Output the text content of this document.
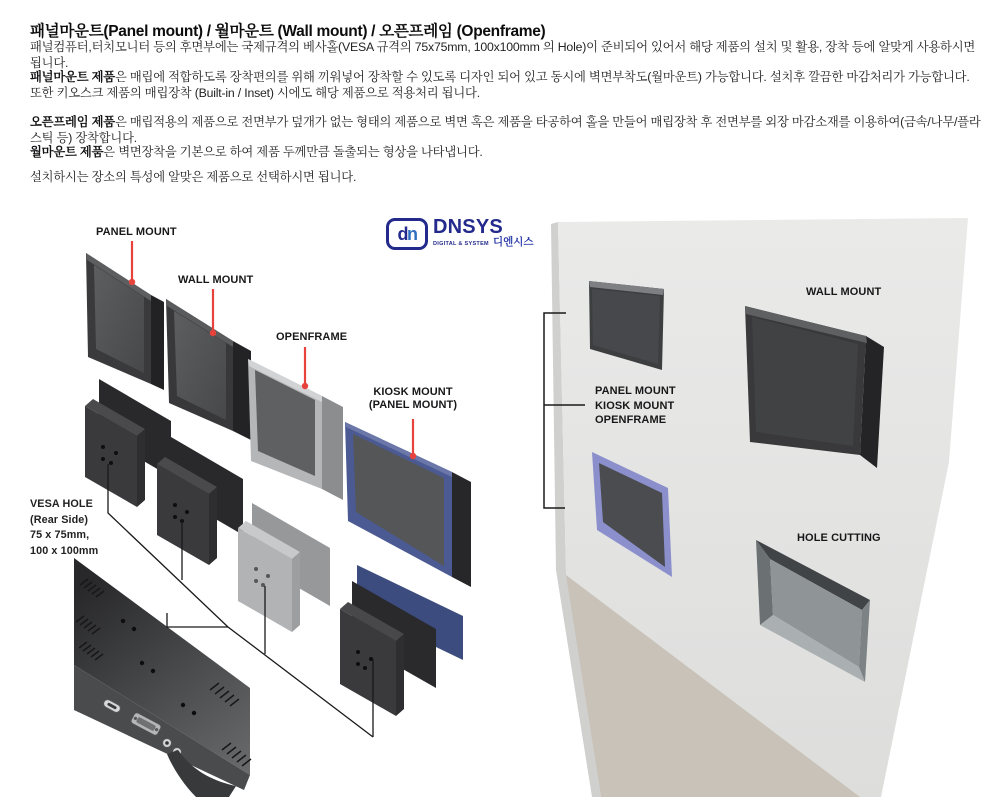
패널마운트(Panel mount) / 월마운트 (Wall mount) / 오픈프레임 (Openframe)

패널컴퓨터,터치모니터 등의 후면부에는 국제규격의 베사홀(VESA 규격의 75x75mm, 100x100mm 의 Hole)이 준비되어 있어서 해당 제품의 설치 및 활용, 장착 등에 알맞게 사용하시면 됩니다.

패널마운트 제품은 매립에 적합하도록 장착편의를 위해 끼워넣어 장착할 수 있도록 디자인 되어 있고 동시에 벽면부착도(월마운트) 가능합니다. 설치후 깔끔한 마감처리가 가능합니다.
또한 키오스크 제품의 매립장착 (Built-in / Inset) 시에도 해당 제품으로 적용처리 됩니다.

오픈프레임 제품은 매립적용의 제품으로 전면부가 덮개가 없는 형태의 제품으로 벽면 혹은 제품을 타공하여 홀을 만들어 매립장착 후 전면부를 외장 마감소재를 이용하여(금속/나무/플라스틱 등) 장착합니다.

월마운트 제품은 벽면장착을 기본으로 하여 제품 두께만큼 돌출되는 형상을 나타냅니다.

설치하시는 장소의 특성에 알맞은 제품으로 선택하시면 됩니다.

d n DNSYS
DIGITAL & SYSTEM 디엔시스
PANEL MOUNT
WALL MOUNT
OPENFRAME
KIOSK MOUNT
(PANEL MOUNT)
VESA HOLE
(Rear Side)
75 x 75mm,
100 x 100mm
WALL MOUNT
PANEL MOUNT
KIOSK MOUNT
OPENFRAME
HOLE CUTTING
